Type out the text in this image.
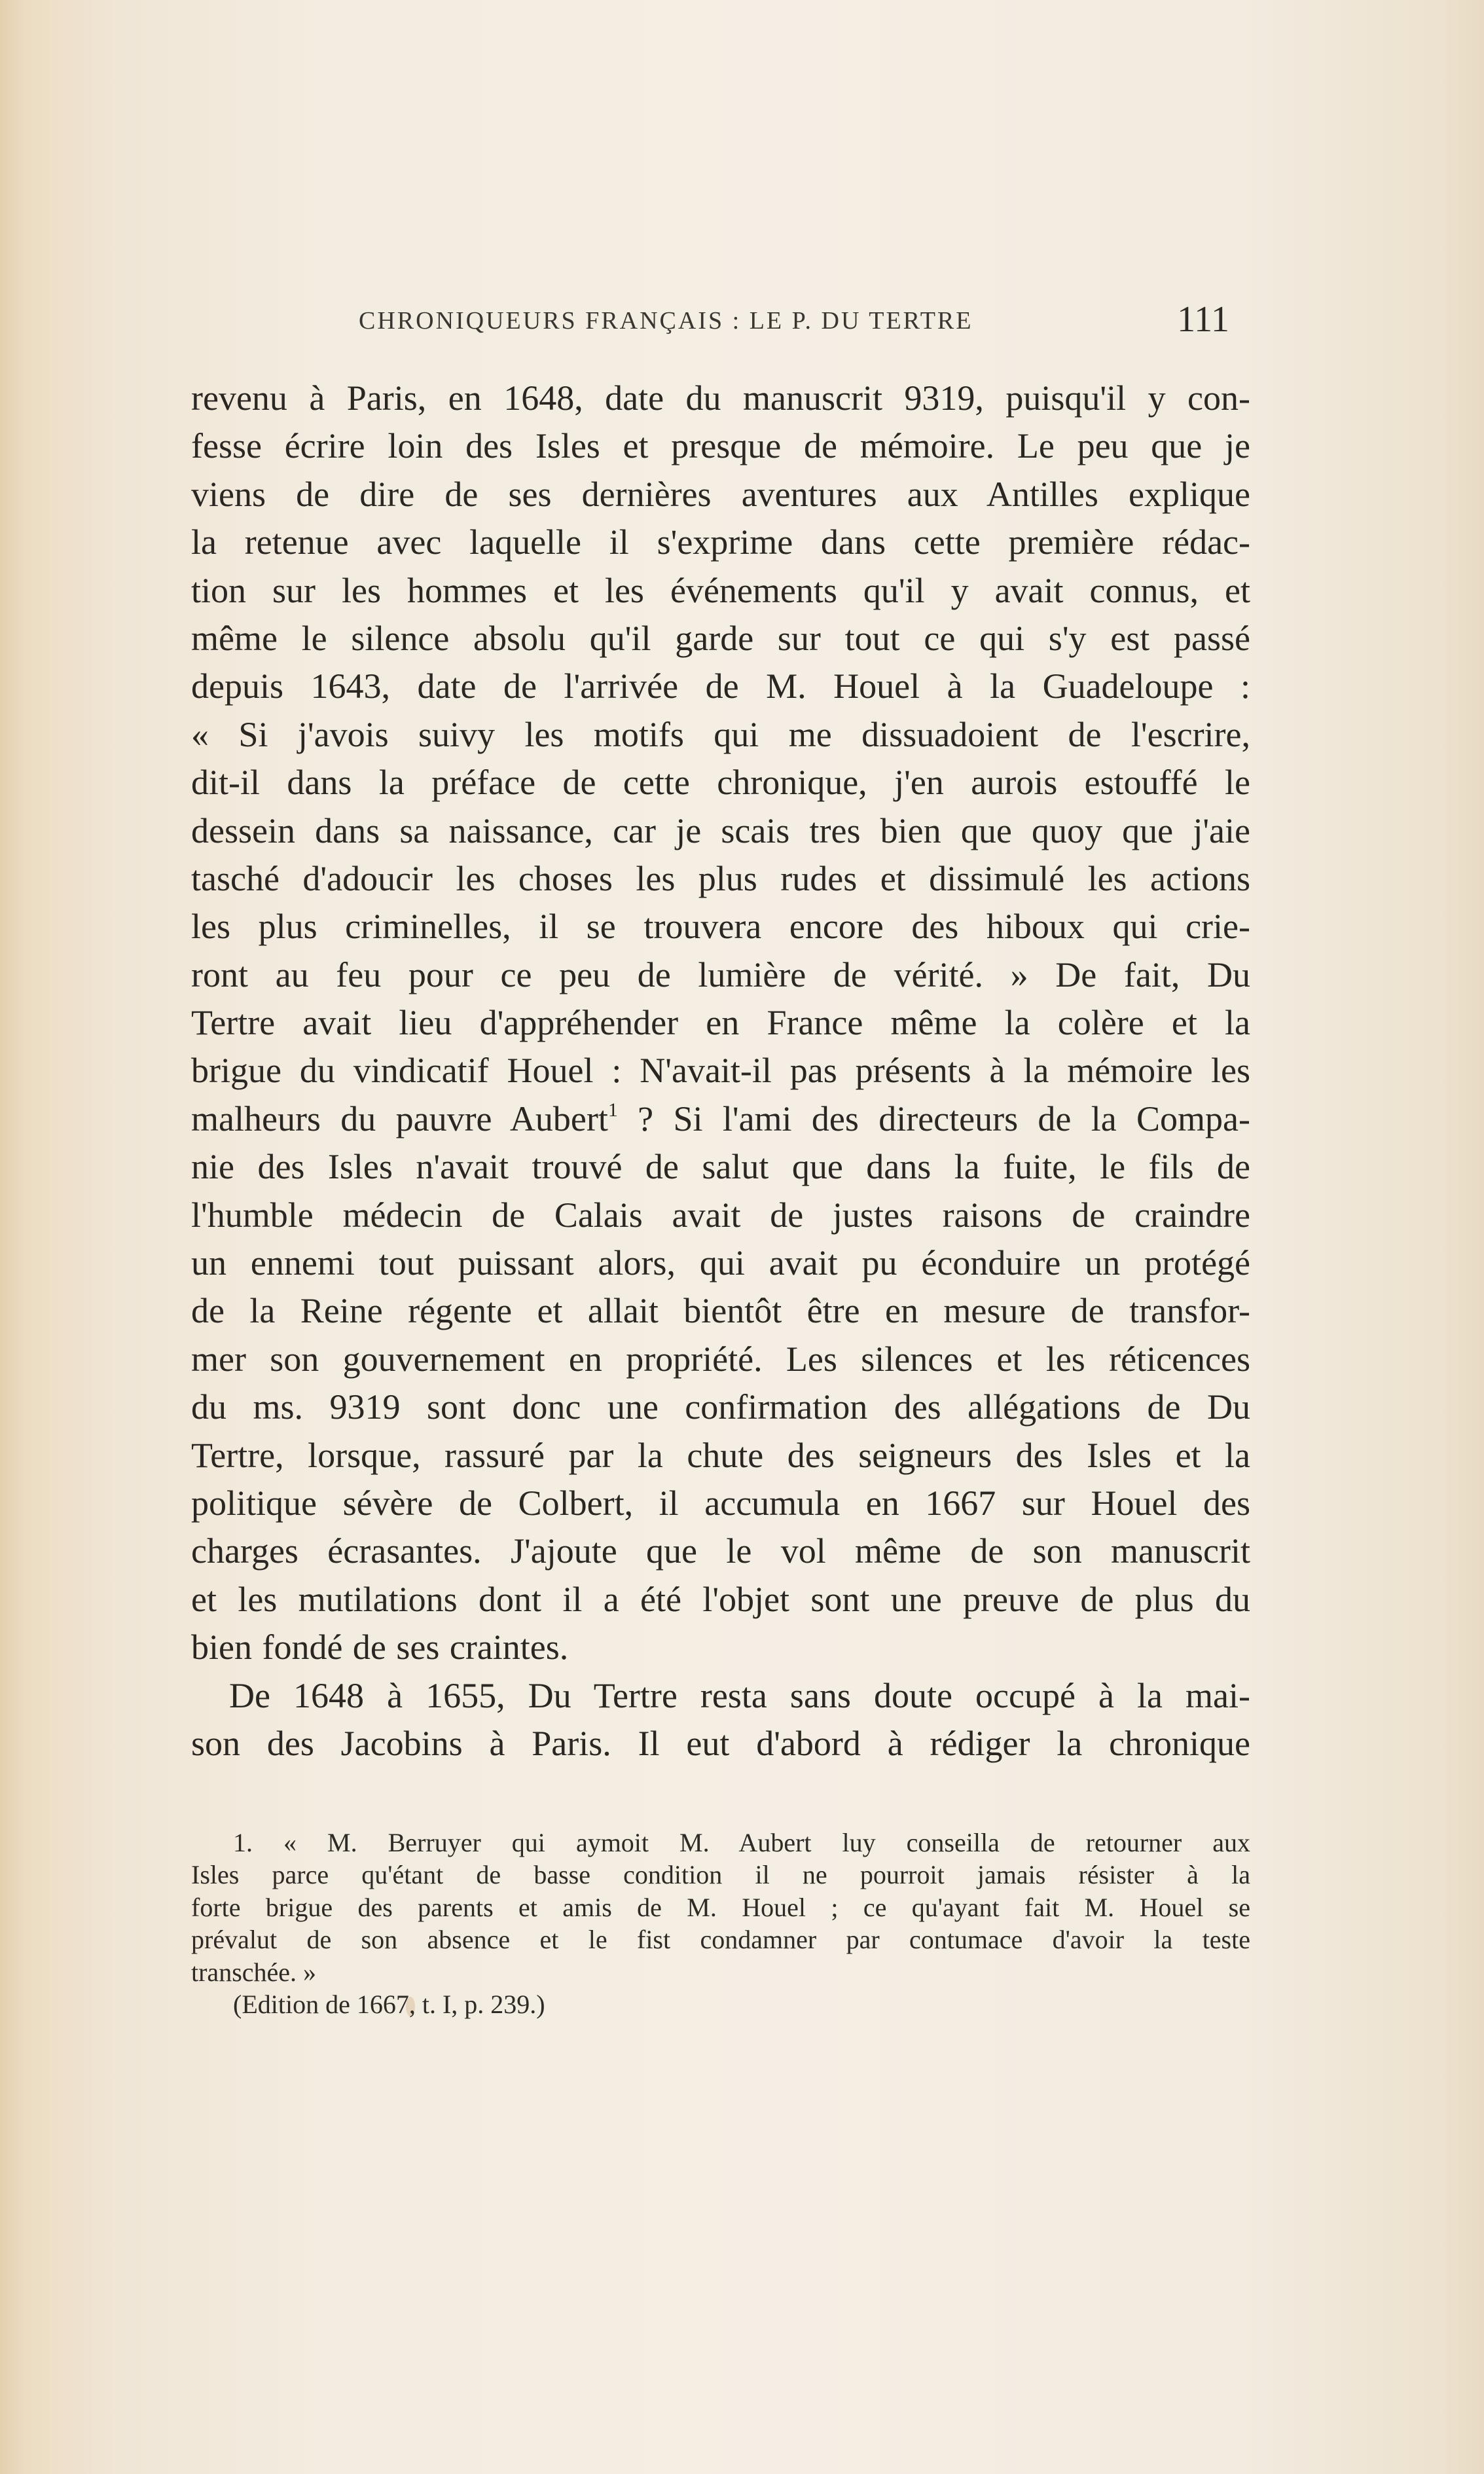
CHRONIQUEURS FRANÇAIS : LE P. DU TERTRE	111
revenu à Paris, en 1648, date du manuscrit 9319, puisqu'il y con-
fesse écrire loin des Isles et presque de mémoire. Le peu que je
viens de dire de ses dernières aventures aux Antilles explique
la retenue avec laquelle il s'exprime dans cette première rédac-
tion sur les hommes et les événements qu'il y avait connus, et
même le silence absolu qu'il garde sur tout ce qui s'y est passé
depuis 1643, date de l'arrivée de M. Houel à la Guadeloupe :
« Si j'avois suivy les motifs qui me dissuadoient de l'escrire,
dit-il dans la préface de cette chronique, j'en aurois estouffé le
dessein dans sa naissance, car je scais tres bien que quoy que j'aie
tasché d'adoucir les choses les plus rudes et dissimulé les actions
les plus criminelles, il se trouvera encore des hiboux qui crie-
ront au feu pour ce peu de lumière de vérité. » De fait, Du
Tertre avait lieu d'appréhender en France même la colère et la
brigue du vindicatif Houel : N'avait-il pas présents à la mémoire les
malheurs du pauvre Aubert$^1$ ? Si l'ami des directeurs de la Compa-
nie des Isles n'avait trouvé de salut que dans la fuite, le fils de
l'humble médecin de Calais avait de justes raisons de craindre
un ennemi tout puissant alors, qui avait pu éconduire un protégé
de la Reine régente et allait bientôt être en mesure de transfor-
mer son gouvernement en propriété. Les silences et les réticences
du ms. 9319 sont donc une confirmation des allégations de Du
Tertre, lorsque, rassuré par la chute des seigneurs des Isles et la
politique sévère de Colbert, il accumula en 1667 sur Houel des
charges écrasantes. J'ajoute que le vol même de son manuscrit
et les mutilations dont il a été l'objet sont une preuve de plus du
bien fondé de ses craintes.
De 1648 à 1655, Du Tertre resta sans doute occupé à la mai-
son des Jacobins à Paris. Il eut d'abord à rédiger la chronique
1. « M. Berruyer qui aymoit M. Aubert luy conseilla de retourner aux
Isles parce qu'étant de basse condition il ne pourroit jamais résister à la
forte brigue des parents et amis de M. Houel ; ce qu'ayant fait M. Houel se
prévalut de son absence et le fist condamner par contumace d'avoir la teste
transchée. »
(Edition de 1667, t. I, p. 239.)
